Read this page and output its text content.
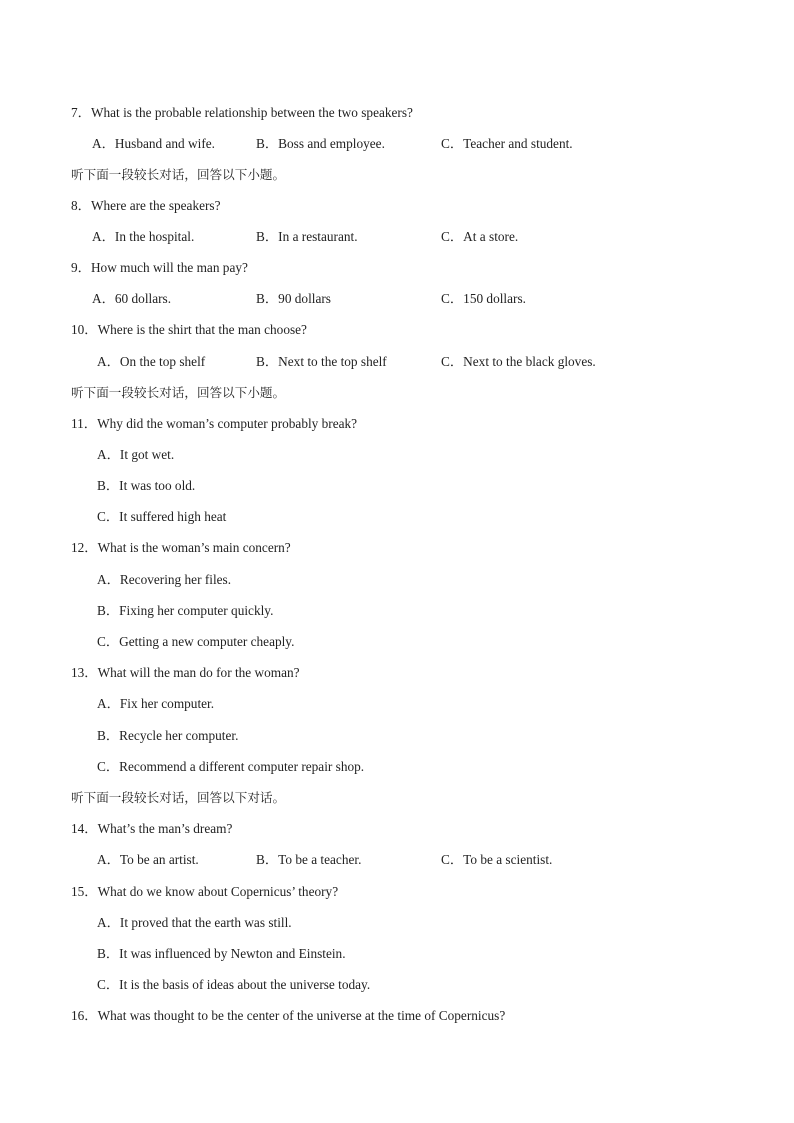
7．What is the probable relationship between the two speakers?
A．Husband and wife.	B．Boss and employee.	C．Teacher and student.
听下面一段较长对话，回答以下小题。
8．Where are the speakers?
A．In the hospital.	B．In a restaurant.	C．At a store.
9．How much will the man pay?
A．60 dollars.	B．90 dollars	C．150 dollars.
10．Where is the shirt that the man choose?
A．On the top shelf	B．Next to the top shelf	C．Next to the black gloves.
听下面一段较长对话，回答以下小题。
11．Why did the woman’s computer probably break?
A．It got wet.
B．It was too old.
C．It suffered high heat
12．What is the woman’s main concern?
A．Recovering her files.
B．Fixing her computer quickly.
C．Getting a new computer cheaply.
13．What will the man do for the woman?
A．Fix her computer.
B．Recycle her computer.
C．Recommend a different computer repair shop.
听下面一段较长对话，回答以下对话。
14．What’s the man’s dream?
A．To be an artist.	B．To be a teacher.	C．To be a scientist.
15．What do we know about Copernicus’ theory?
A．It proved that the earth was still.
B．It was influenced by Newton and Einstein.
C．It is the basis of ideas about the universe today.
16．What was thought to be the center of the universe at the time of Copernicus?
